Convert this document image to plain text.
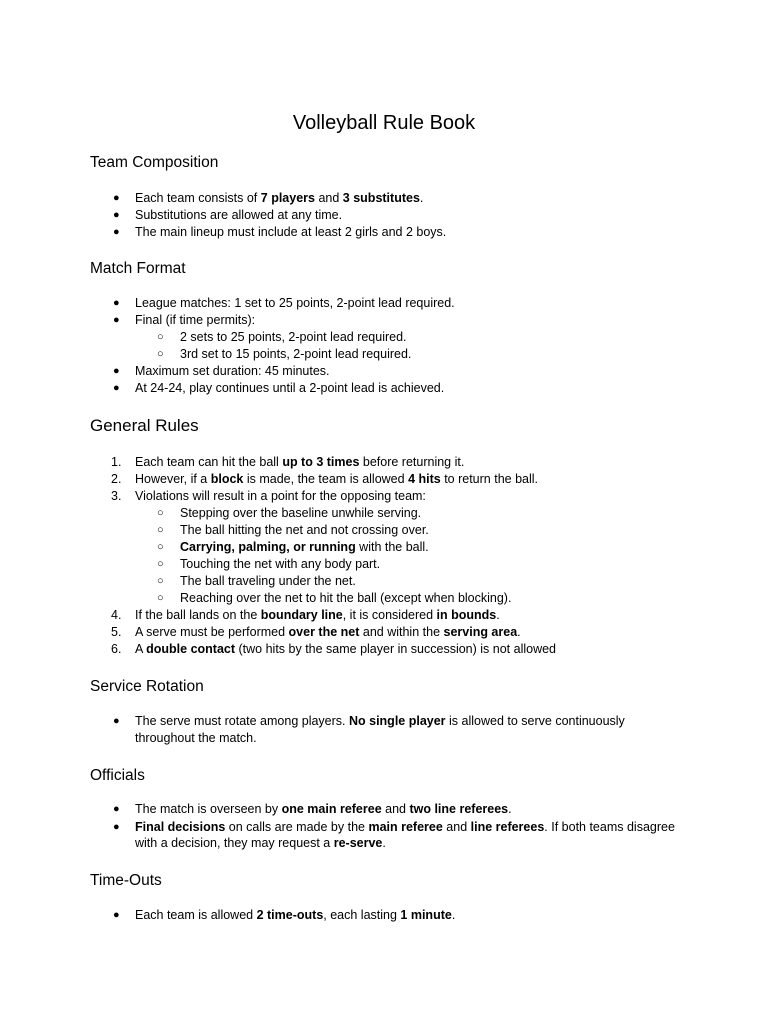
Volleyball Rule Book
Team Composition
● Each team consists of 7 players and 3 substitutes.
● Substitutions are allowed at any time.
● The main lineup must include at least 2 girls and 2 boys.
Match Format
● League matches: 1 set to 25 points, 2-point lead required.
● Final (if time permits):
○ 2 sets to 25 points, 2-point lead required.
○ 3rd set to 15 points, 2-point lead required.
● Maximum set duration: 45 minutes.
● At 24-24, play continues until a 2-point lead is achieved.
General Rules
1. Each team can hit the ball up to 3 times before returning it.
2. However, if a block is made, the team is allowed 4 hits to return the ball.
3. Violations will result in a point for the opposing team:
○ Stepping over the baseline unwhile serving.
○ The ball hitting the net and not crossing over.
○ Carrying, palming, or running with the ball.
○ Touching the net with any body part.
○ The ball traveling under the net.
○ Reaching over the net to hit the ball (except when blocking).
4. If the ball lands on the boundary line, it is considered in bounds.
5. A serve must be performed over the net and within the serving area.
6. A double contact (two hits by the same player in succession) is not allowed
Service Rotation
● The serve must rotate among players. No single player is allowed to serve continuously
throughout the match.
Officials
● The match is overseen by one main referee and two line referees.
● Final decisions on calls are made by the main referee and line referees. If both teams disagree
with a decision, they may request a re-serve.
Time-Outs
● Each team is allowed 2 time-outs, each lasting 1 minute.
